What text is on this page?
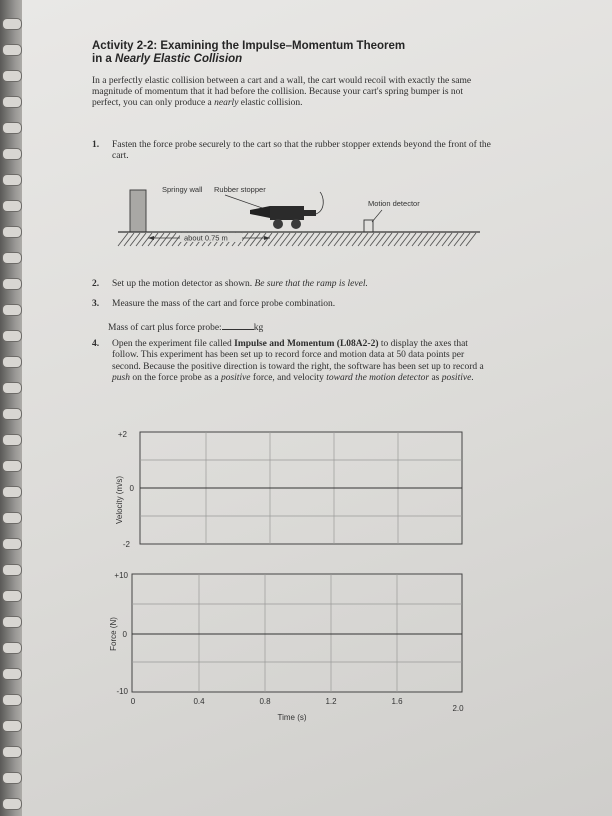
Activity 2-2: Examining the Impulse–Momentum Theorem
in a Nearly Elastic Collision
In a perfectly elastic collision between a cart and a wall, the cart would recoil with exactly the same magnitude of momentum that it had before the collision. Because your cart's spring bumper is not perfect, you can only produce a nearly elastic collision.
1. Fasten the force probe securely to the cart so that the rubber stopper extends beyond the front of the cart.
Springy wall Rubber stopper
Motion detector
about 0.75 m
2. Set up the motion detector as shown. Be sure that the ramp is level.
3. Measure the mass of the cart and force probe combination.
Mass of cart plus force probe:	kg
4. Open the experiment file called Impulse and Momentum (L08A2-2) to display the axes that follow. This experiment has been set up to record force and motion data at 50 data points per second. Because the positive direction is toward the right, the software has been set up to record a push on the force probe as a positive force, and velocity toward the motion detector as positive.
+2
0
-2
Velocity (m/s)
+10
0
-10
Force (N)
0	0.4	0.8	1.2	1.6
2.0
Time (s)
